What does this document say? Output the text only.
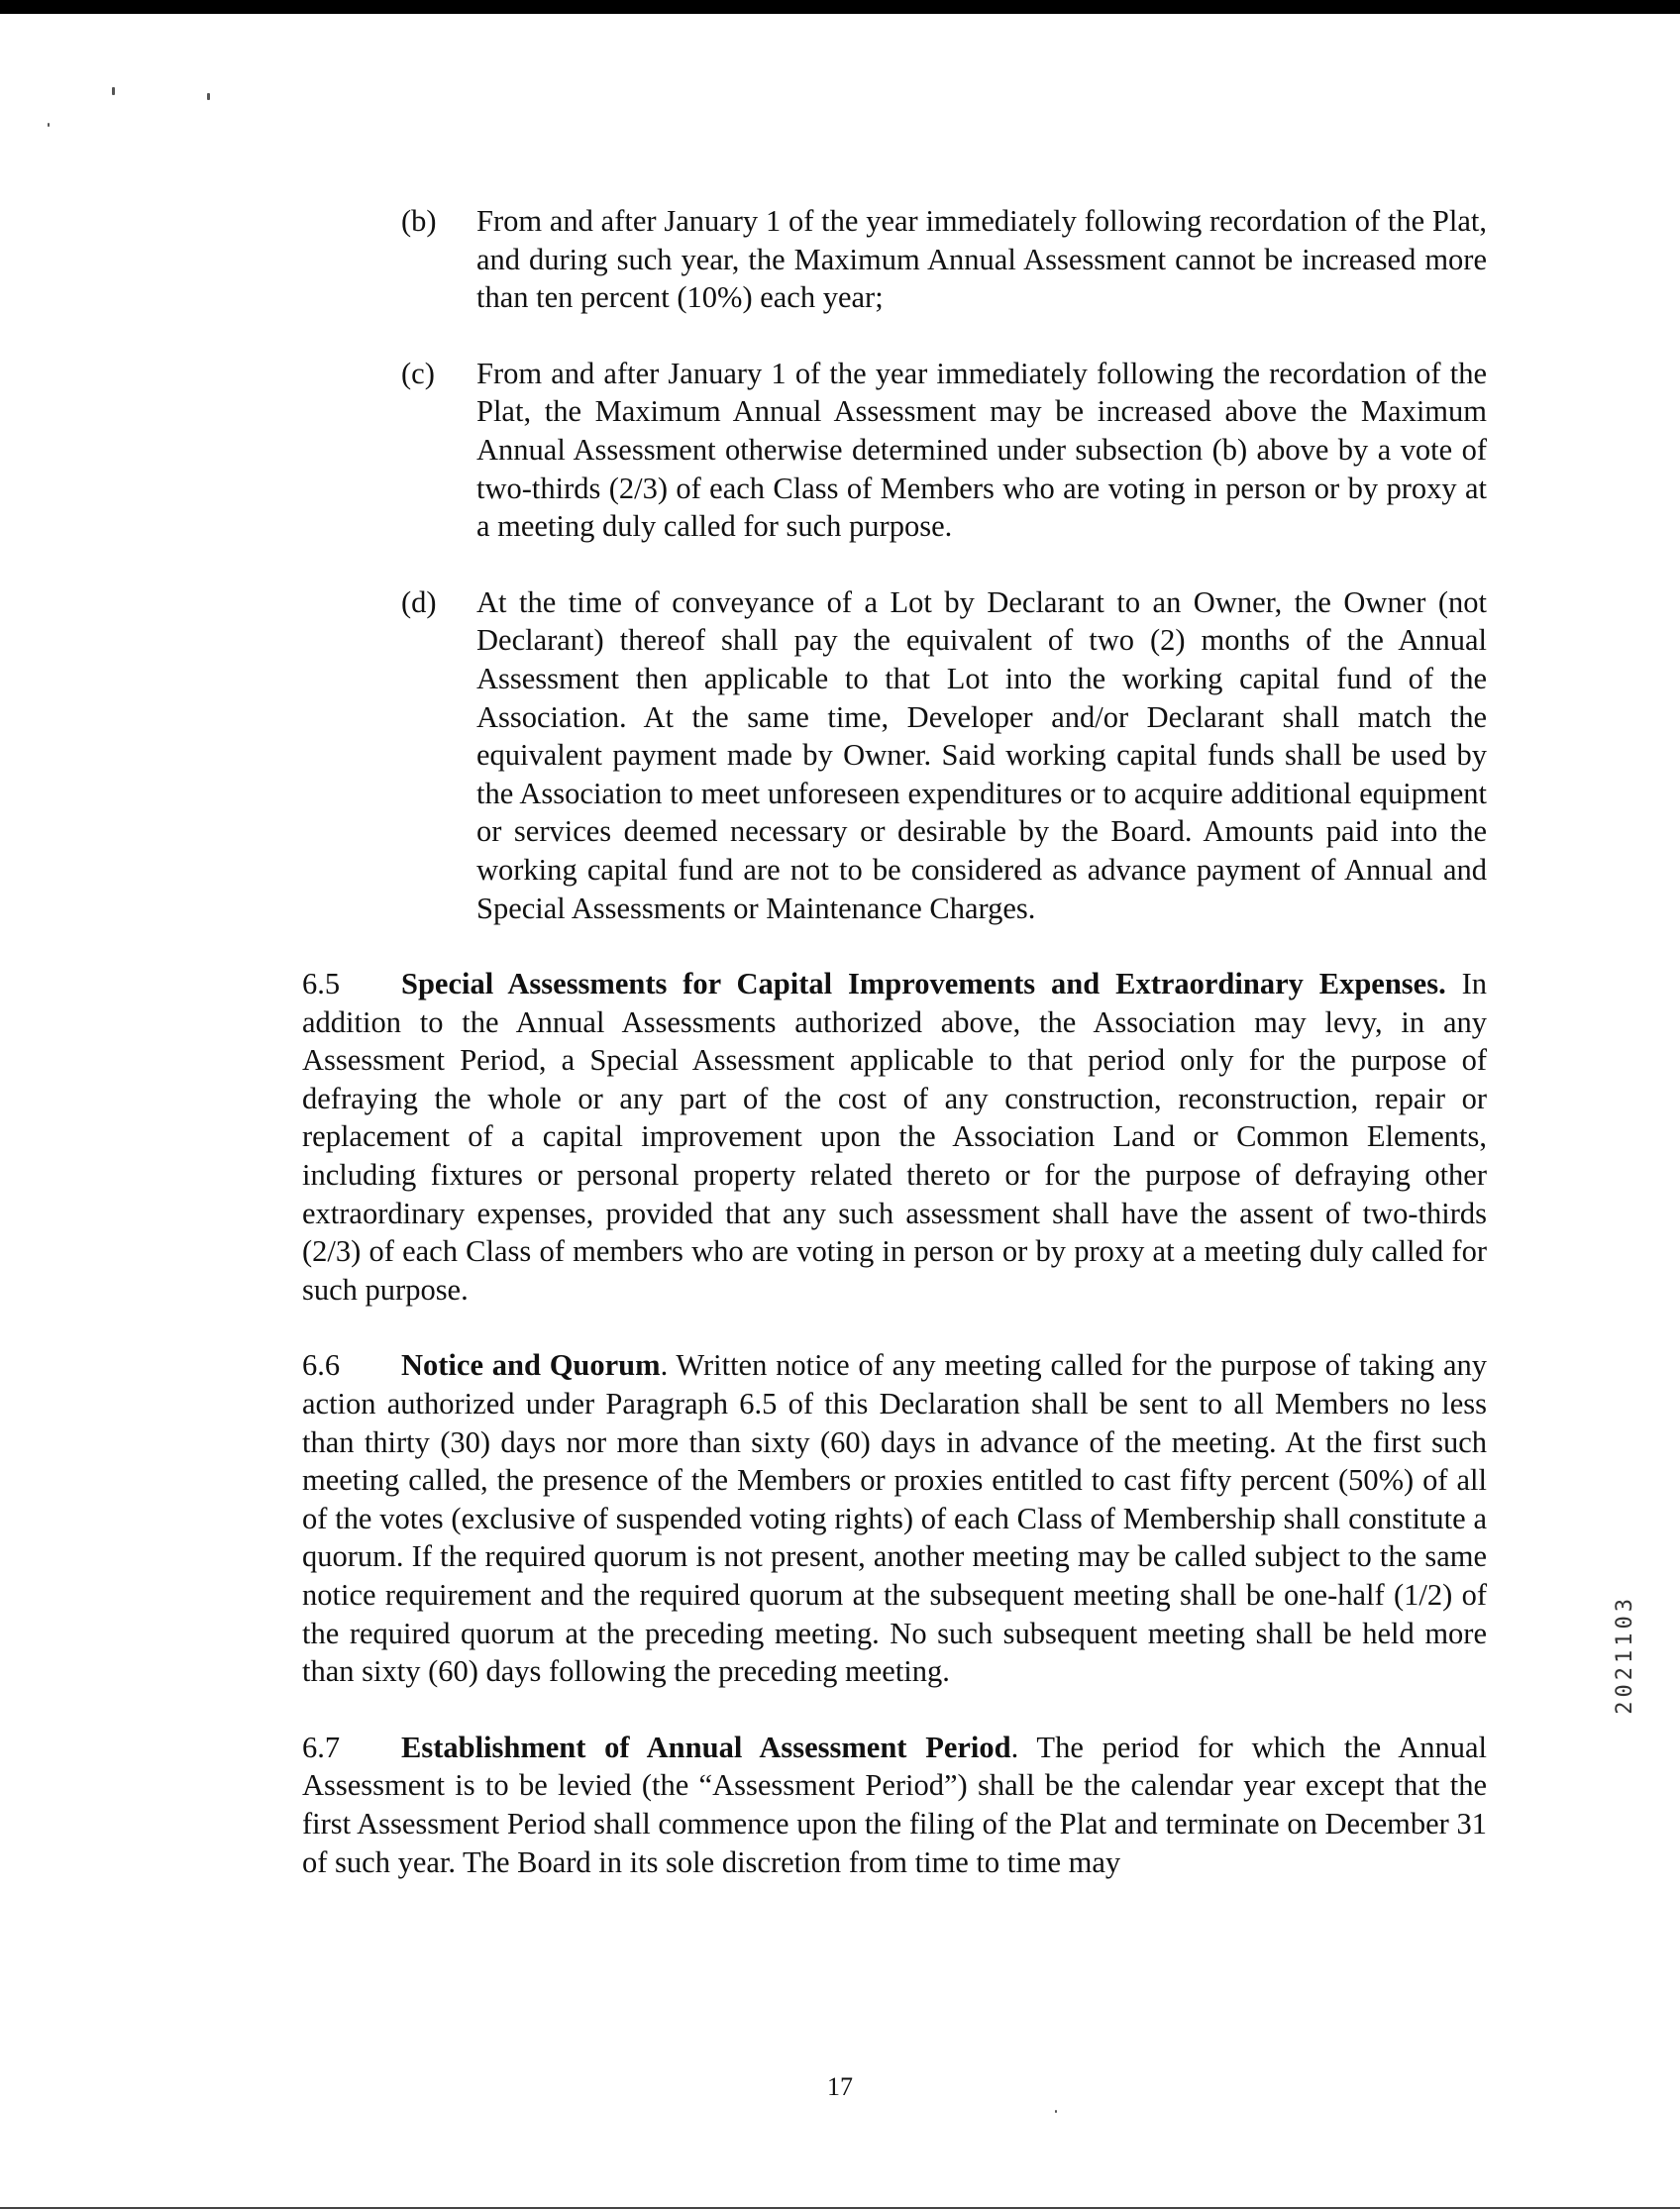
(b)	From and after January 1 of the year immediately following recordation of the Plat, and during such year, the Maximum Annual Assessment cannot be increased more than ten percent (10%) each year;
(c)	From and after January 1 of the year immediately following the recordation of the Plat, the Maximum Annual Assessment may be increased above the Maximum Annual Assessment otherwise determined under subsection (b) above by a vote of two-thirds (2/3) of each Class of Members who are voting in person or by proxy at a meeting duly called for such purpose.
(d)	At the time of conveyance of a Lot by Declarant to an Owner, the Owner (not Declarant) thereof shall pay the equivalent of two (2) months of the Annual Assessment then applicable to that Lot into the working capital fund of the Association. At the same time, Developer and/or Declarant shall match the equivalent payment made by Owner. Said working capital funds shall be used by the Association to meet unforeseen expenditures or to acquire additional equipment or services deemed necessary or desirable by the Board. Amounts paid into the working capital fund are not to be considered as advance payment of Annual and Special Assessments or Maintenance Charges.
6.5 Special Assessments for Capital Improvements and Extraordinary Expenses. In addition to the Annual Assessments authorized above, the Association may levy, in any Assessment Period, a Special Assessment applicable to that period only for the purpose of defraying the whole or any part of the cost of any construction, reconstruction, repair or replacement of a capital improvement upon the Association Land or Common Elements, including fixtures or personal property related thereto or for the purpose of defraying other extraordinary expenses, provided that any such assessment shall have the assent of two-thirds (2/3) of each Class of members who are voting in person or by proxy at a meeting duly called for such purpose.
6.6 Notice and Quorum. Written notice of any meeting called for the purpose of taking any action authorized under Paragraph 6.5 of this Declaration shall be sent to all Members no less than thirty (30) days nor more than sixty (60) days in advance of the meeting. At the first such meeting called, the presence of the Members or proxies entitled to cast fifty percent (50%) of all of the votes (exclusive of suspended voting rights) of each Class of Membership shall constitute a quorum. If the required quorum is not present, another meeting may be called subject to the same notice requirement and the required quorum at the subsequent meeting shall be one-half (1/2) of the required quorum at the preceding meeting. No such subsequent meeting shall be held more than sixty (60) days following the preceding meeting.
6.7 Establishment of Annual Assessment Period. The period for which the Annual Assessment is to be levied (the “Assessment Period”) shall be the calendar year except that the first Assessment Period shall commence upon the filing of the Plat and terminate on December 31 of such year. The Board in its sole discretion from time to time may
2021103
17
